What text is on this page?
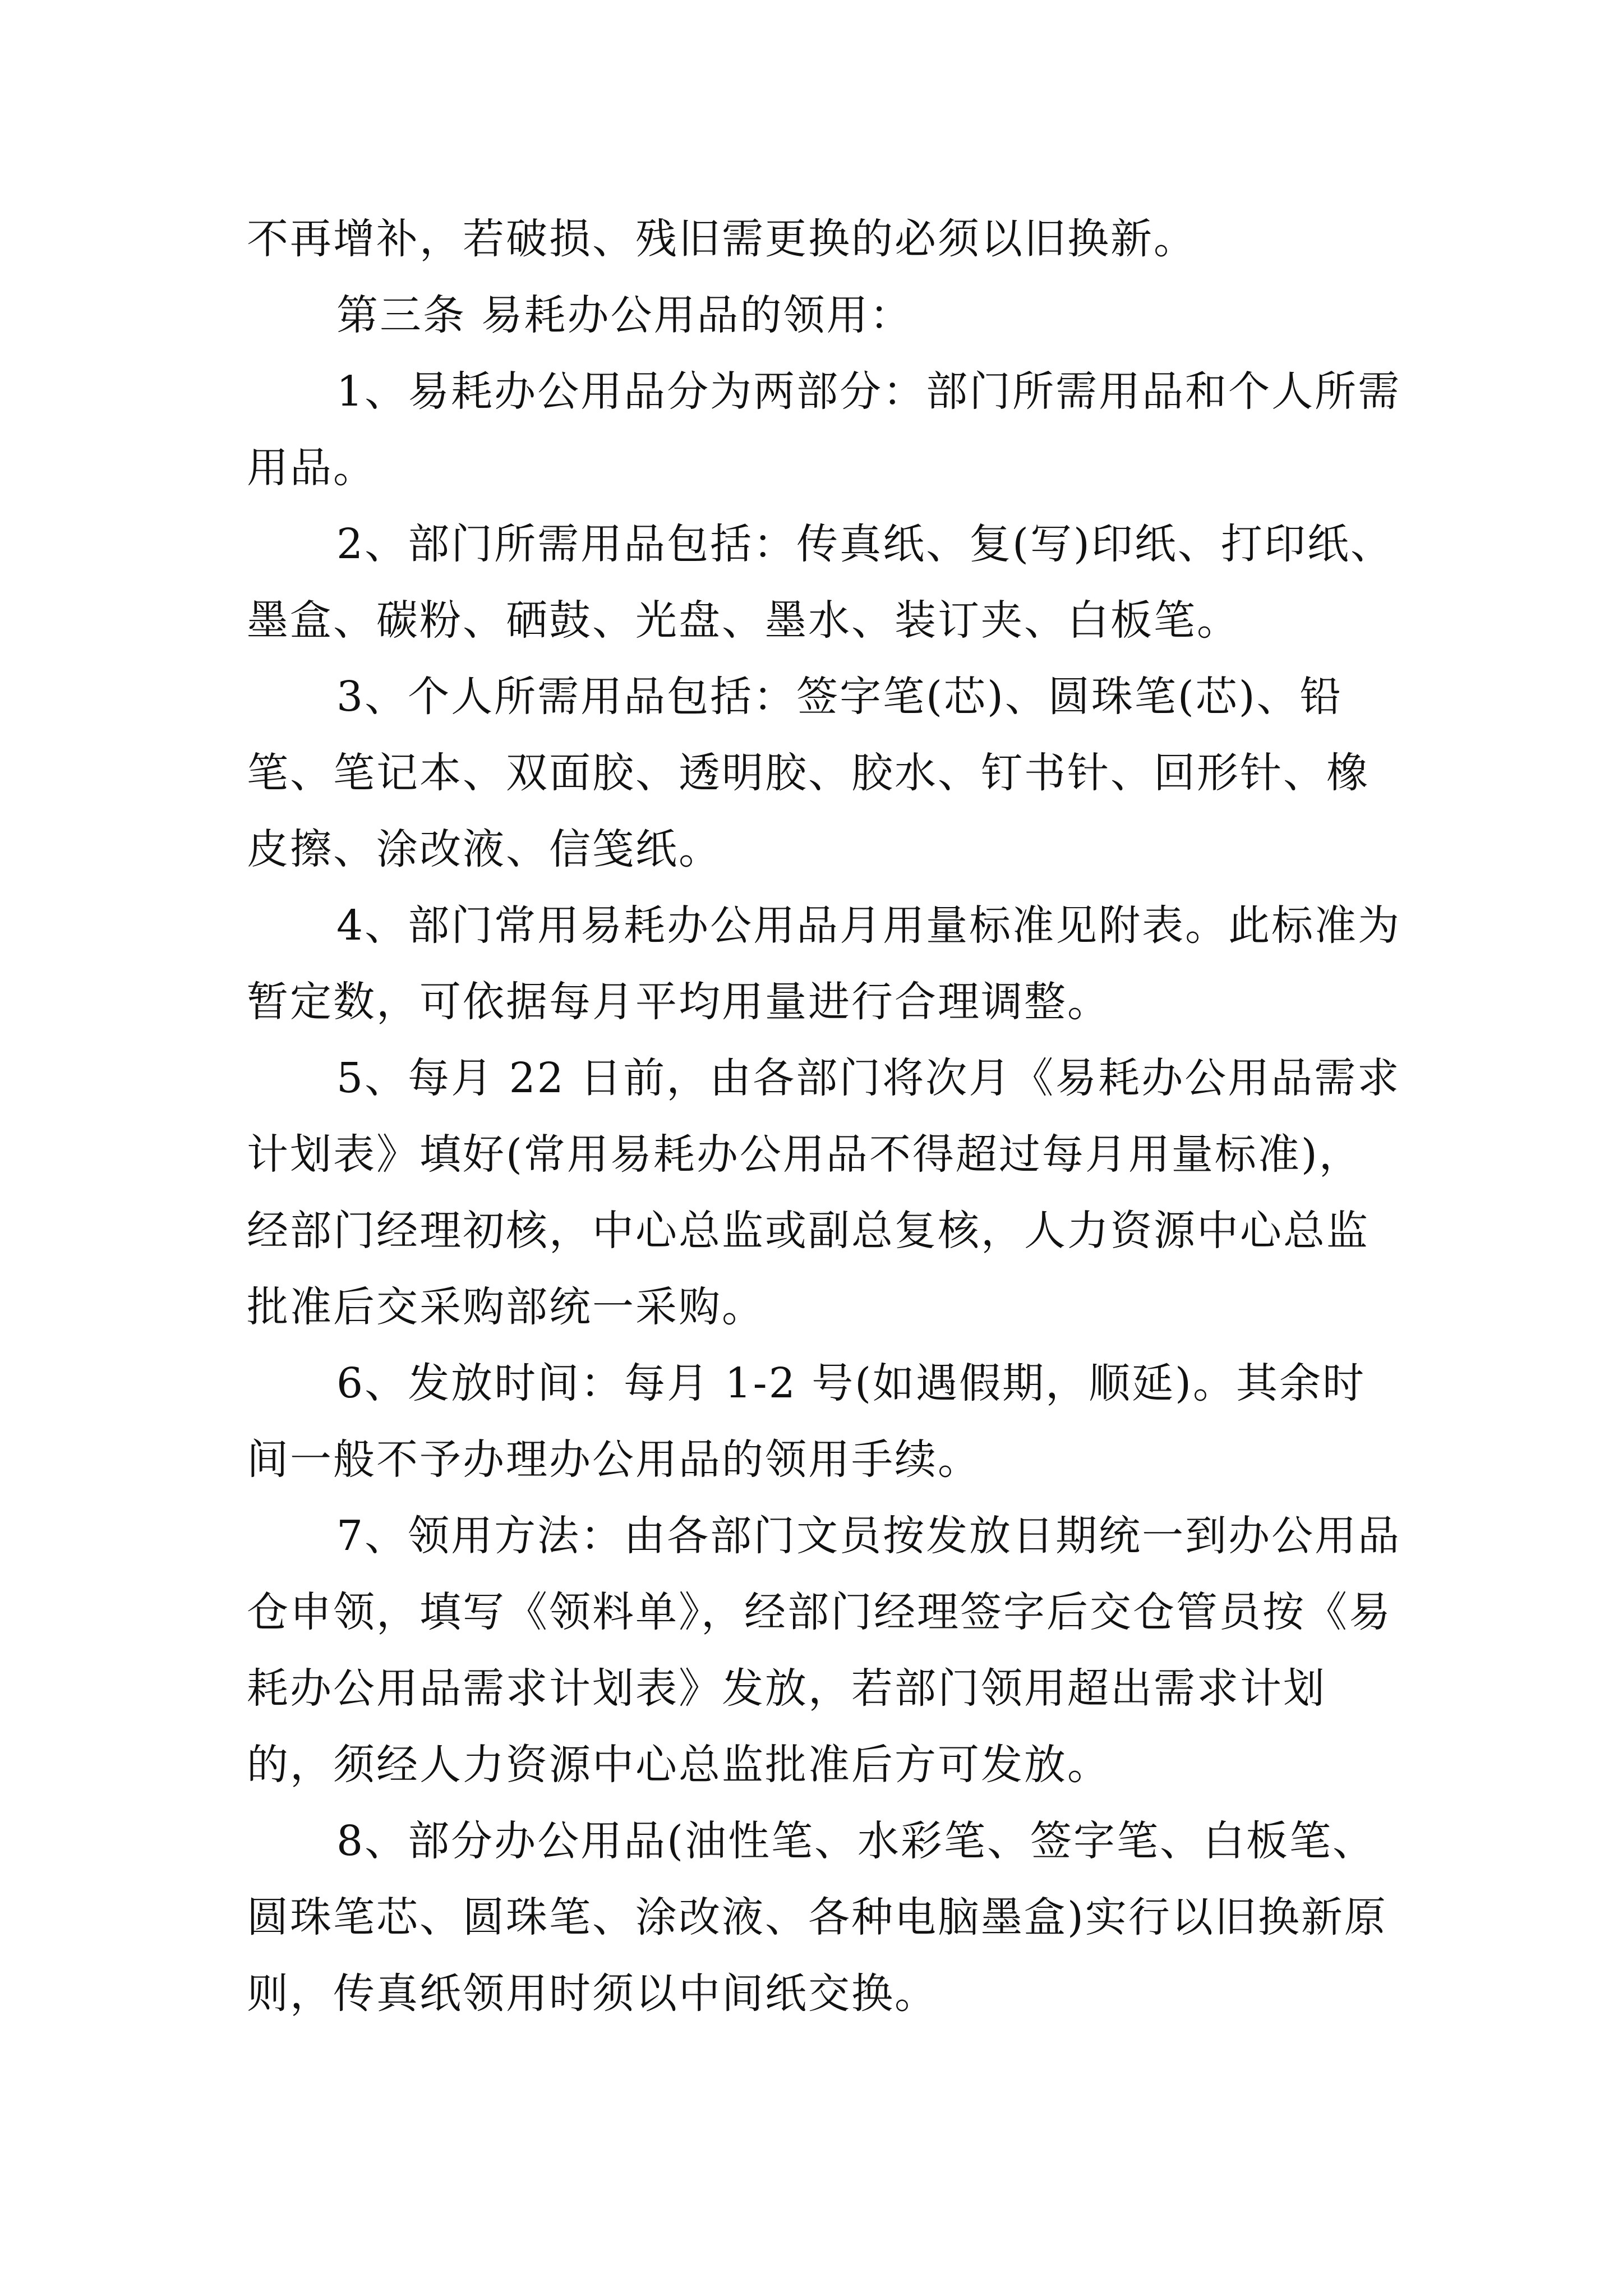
不再增补，若破损、残旧需更换的必须以旧换新。

第三条 易耗办公用品的领用：

1、易耗办公用品分为两部分：部门所需用品和个人所需用品。

2、部门所需用品包括：传真纸、复(写)印纸、打印纸、墨盒、碳粉、硒鼓、光盘、墨水、装订夹、白板笔。

3、个人所需用品包括：签字笔(芯)、圆珠笔(芯)、铅笔、笔记本、双面胶、透明胶、胶水、钉书针、回形针、橡皮擦、涂改液、信笺纸。

4、部门常用易耗办公用品月用量标准见附表。此标准为暂定数，可依据每月平均用量进行合理调整。

5、每月 22 日前，由各部门将次月《易耗办公用品需求计划表》填好(常用易耗办公用品不得超过每月用量标准)，经部门经理初核，中心总监或副总复核，人力资源中心总监批准后交采购部统一采购。

6、发放时间：每月 1-2 号(如遇假期，顺延)。其余时间一般不予办理办公用品的领用手续。

7、领用方法：由各部门文员按发放日期统一到办公用品仓申领，填写《领料单》，经部门经理签字后交仓管员按《易耗办公用品需求计划表》发放，若部门领用超出需求计划的，须经人力资源中心总监批准后方可发放。

8、部分办公用品(油性笔、水彩笔、签字笔、白板笔、圆珠笔芯、圆珠笔、涂改液、各种电脑墨盒)实行以旧换新原则，传真纸领用时须以中间纸交换。
